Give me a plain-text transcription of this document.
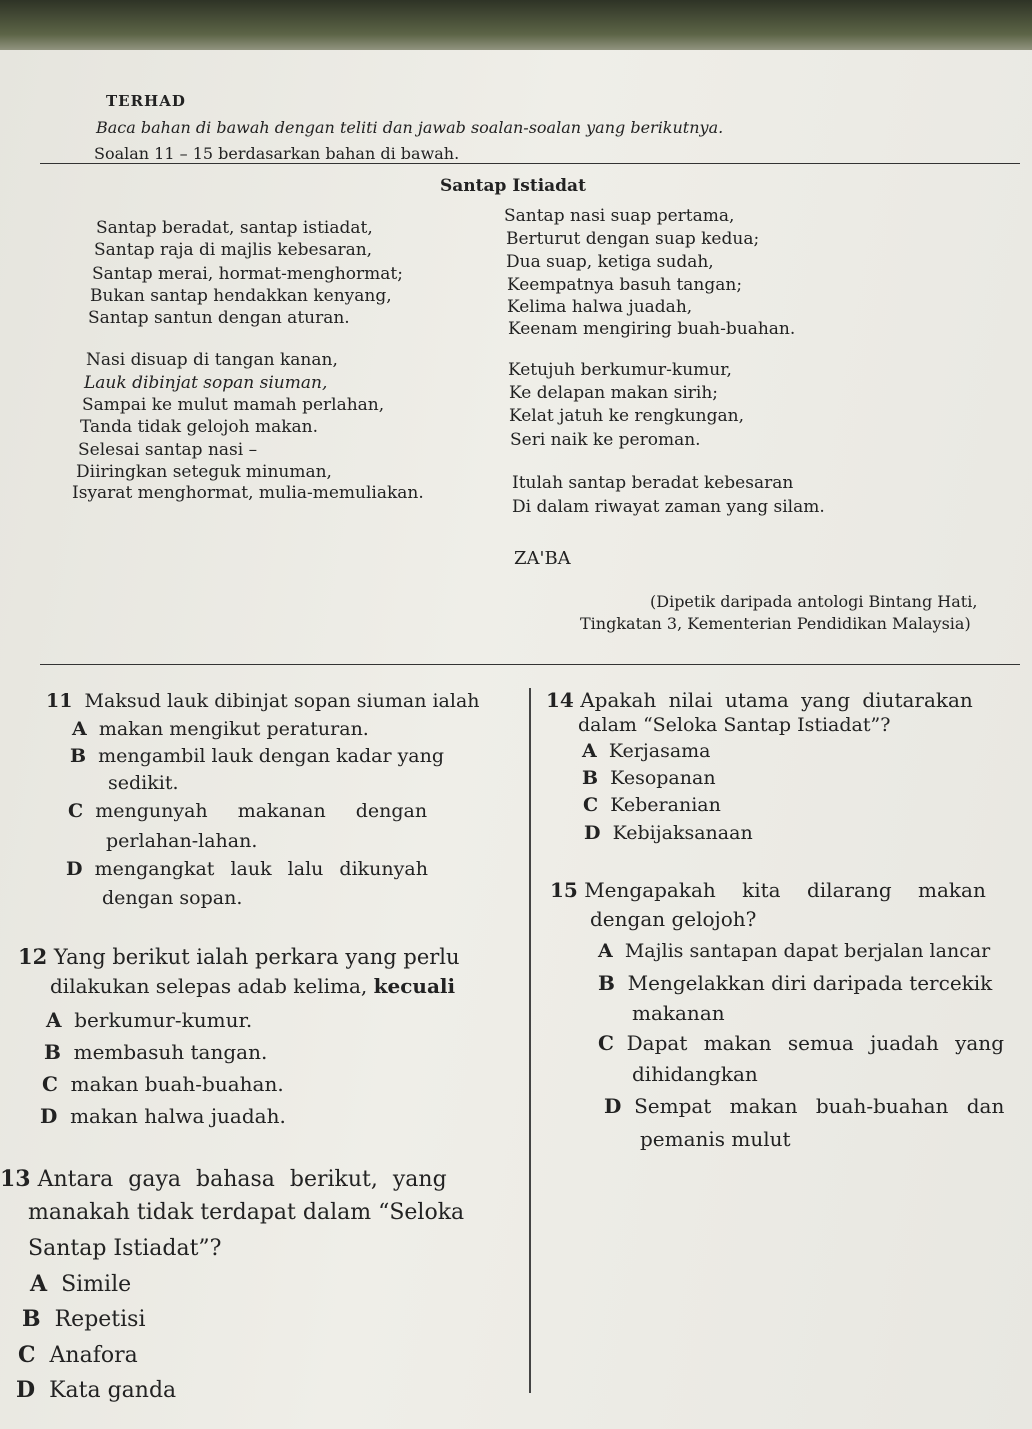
TERHAD
Baca bahan di bawah dengan teliti dan jawab soalan-soalan yang berikutnya.
Soalan 11 – 15 berdasarkan bahan di bawah.
Santap Istiadat
Santap beradat, santap istiadat,
Santap raja di majlis kebesaran,
Santap merai, hormat-menghormat;
Bukan santap hendakkan kenyang,
Santap santun dengan aturan.
Nasi disuap di tangan kanan,
Lauk dibinjat sopan siuman,
Sampai ke mulut mamah perlahan,
Tanda tidak gelojoh makan.
Selesai santap nasi –
Diiringkan seteguk minuman,
Isyarat menghormat, mulia-memuliakan.
Santap nasi suap pertama,
Berturut dengan suap kedua;
Dua suap, ketiga sudah,
Keempatnya basuh tangan;
Kelima halwa juadah,
Keenam mengiring buah-buahan.
Ketujuh berkumur-kumur,
Ke delapan makan sirih;
Kelat jatuh ke rengkungan,
Seri naik ke peroman.
Itulah santap beradat kebesaran
Di dalam riwayat zaman yang silam.
ZA'BA
(Dipetik daripada antologi Bintang Hati,
Tingkatan 3, Kementerian Pendidikan Malaysia)
11 Maksud lauk dibinjat sopan siuman ialah
A makan mengikut peraturan.
B mengambil lauk dengan kadar yang
sedikit.
C mengunyah makanan dengan
perlahan-lahan.
D mengangkat lauk lalu dikunyah
dengan sopan.
12 Yang berikut ialah perkara yang perlu
dilakukan selepas adab kelima, kecuali
A berkumur-kumur.
B membasuh tangan.
C makan buah-buahan.
D makan halwa juadah.
13 Antara gaya bahasa berikut, yang
manakah tidak terdapat dalam “Seloka
Santap Istiadat”?
A Simile
B Repetisi
C Anafora
D Kata ganda
14 Apakah nilai utama yang diutarakan
dalam “Seloka Santap Istiadat”?
A Kerjasama
B Kesopanan
C Keberanian
D Kebijaksanaan
15 Mengapakah kita dilarang makan
dengan gelojoh?
A Majlis santapan dapat berjalan lancar
B Mengelakkan diri daripada tercekik
makanan
C Dapat makan semua juadah yang
dihidangkan
D Sempat makan buah-buahan dan
pemanis mulut
